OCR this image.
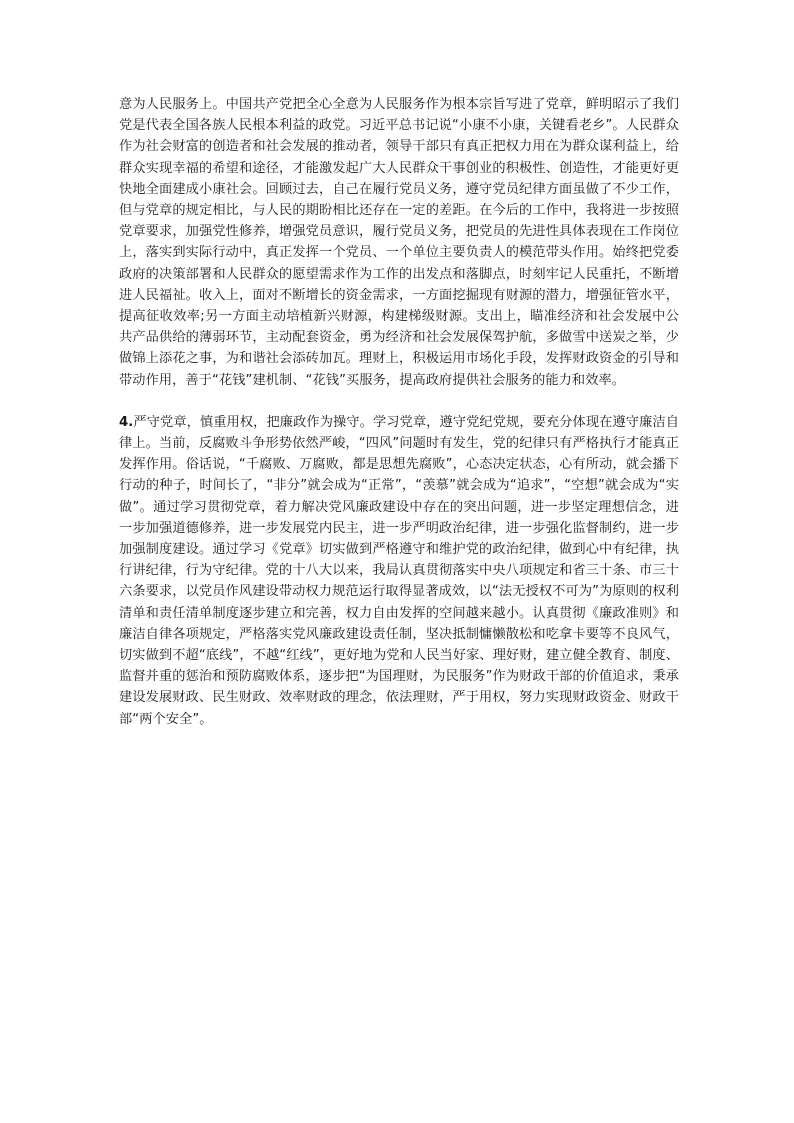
意为人民服务上。中国共产党把全心全意为人民服务作为根本宗旨写进了党章，鲜明昭示了我们党是代表全国各族人民根本利益的政党。习近平总书记说“小康不小康，关键看老乡”。人民群众作为社会财富的创造者和社会发展的推动者，领导干部只有真正把权力用在为群众谋利益上，给群众实现幸福的希望和途径，才能激发起广大人民群众干事创业的积极性、创造性，才能更好更快地全面建成小康社会。回顾过去，自己在履行党员义务，遵守党员纪律方面虽做了不少工作，但与党章的规定相比，与人民的期盼相比还存在一定的差距。在今后的工作中，我将进一步按照党章要求，加强党性修养，增强党员意识，履行党员义务，把党员的先进性具体表现在工作岗位上，落实到实际行动中，真正发挥一个党员、一个单位主要负责人的模范带头作用。始终把党委政府的决策部署和人民群众的愿望需求作为工作的出发点和落脚点，时刻牢记人民重托，不断增进人民福祉。收入上，面对不断增长的资金需求，一方面挖掘现有财源的潜力，增强征管水平，提高征收效率;另一方面主动培植新兴财源，构建梯级财源。支出上，瞄准经济和社会发展中公共产品供给的薄弱环节，主动配套资金，勇为经济和社会发展保驾护航，多做雪中送炭之举，少做锦上添花之事，为和谐社会添砖加瓦。理财上，积极运用市场化手段，发挥财政资金的引导和带动作用，善于“花钱”建机制、“花钱”买服务，提高政府提供社会服务的能力和效率。

4.严守党章，慎重用权，把廉政作为操守。学习党章，遵守党纪党规，要充分体现在遵守廉洁自律上。当前，反腐败斗争形势依然严峻，“四风”问题时有发生，党的纪律只有严格执行才能真正发挥作用。俗话说，“千腐败、万腐败，都是思想先腐败”，心态决定状态，心有所动，就会播下行动的种子，时间长了，“非分”就会成为“正常”，“羡慕”就会成为“追求”，“空想”就会成为“实做”。通过学习贯彻党章，着力解决党风廉政建设中存在的突出问题，进一步坚定理想信念，进一步加强道德修养，进一步发展党内民主，进一步严明政治纪律，进一步强化监督制约，进一步加强制度建设。通过学习《党章》切实做到严格遵守和维护党的政治纪律，做到心中有纪律，执行讲纪律，行为守纪律。党的十八大以来，我局认真贯彻落实中央八项规定和省三十条、市三十六条要求，以党员作风建设带动权力规范运行取得显著成效，以“法无授权不可为”为原则的权利清单和责任清单制度逐步建立和完善，权力自由发挥的空间越来越小。认真贯彻《廉政准则》和廉洁自律各项规定，严格落实党风廉政建设责任制，坚决抵制慵懒散松和吃拿卡要等不良风气，切实做到不超“底线”，不越“红线”，更好地为党和人民当好家、理好财，建立健全教育、制度、监督并重的惩治和预防腐败体系，逐步把“为国理财，为民服务”作为财政干部的价值追求，秉承建设发展财政、民生财政、效率财政的理念，依法理财，严于用权，努力实现财政资金、财政干部“两个安全”。
